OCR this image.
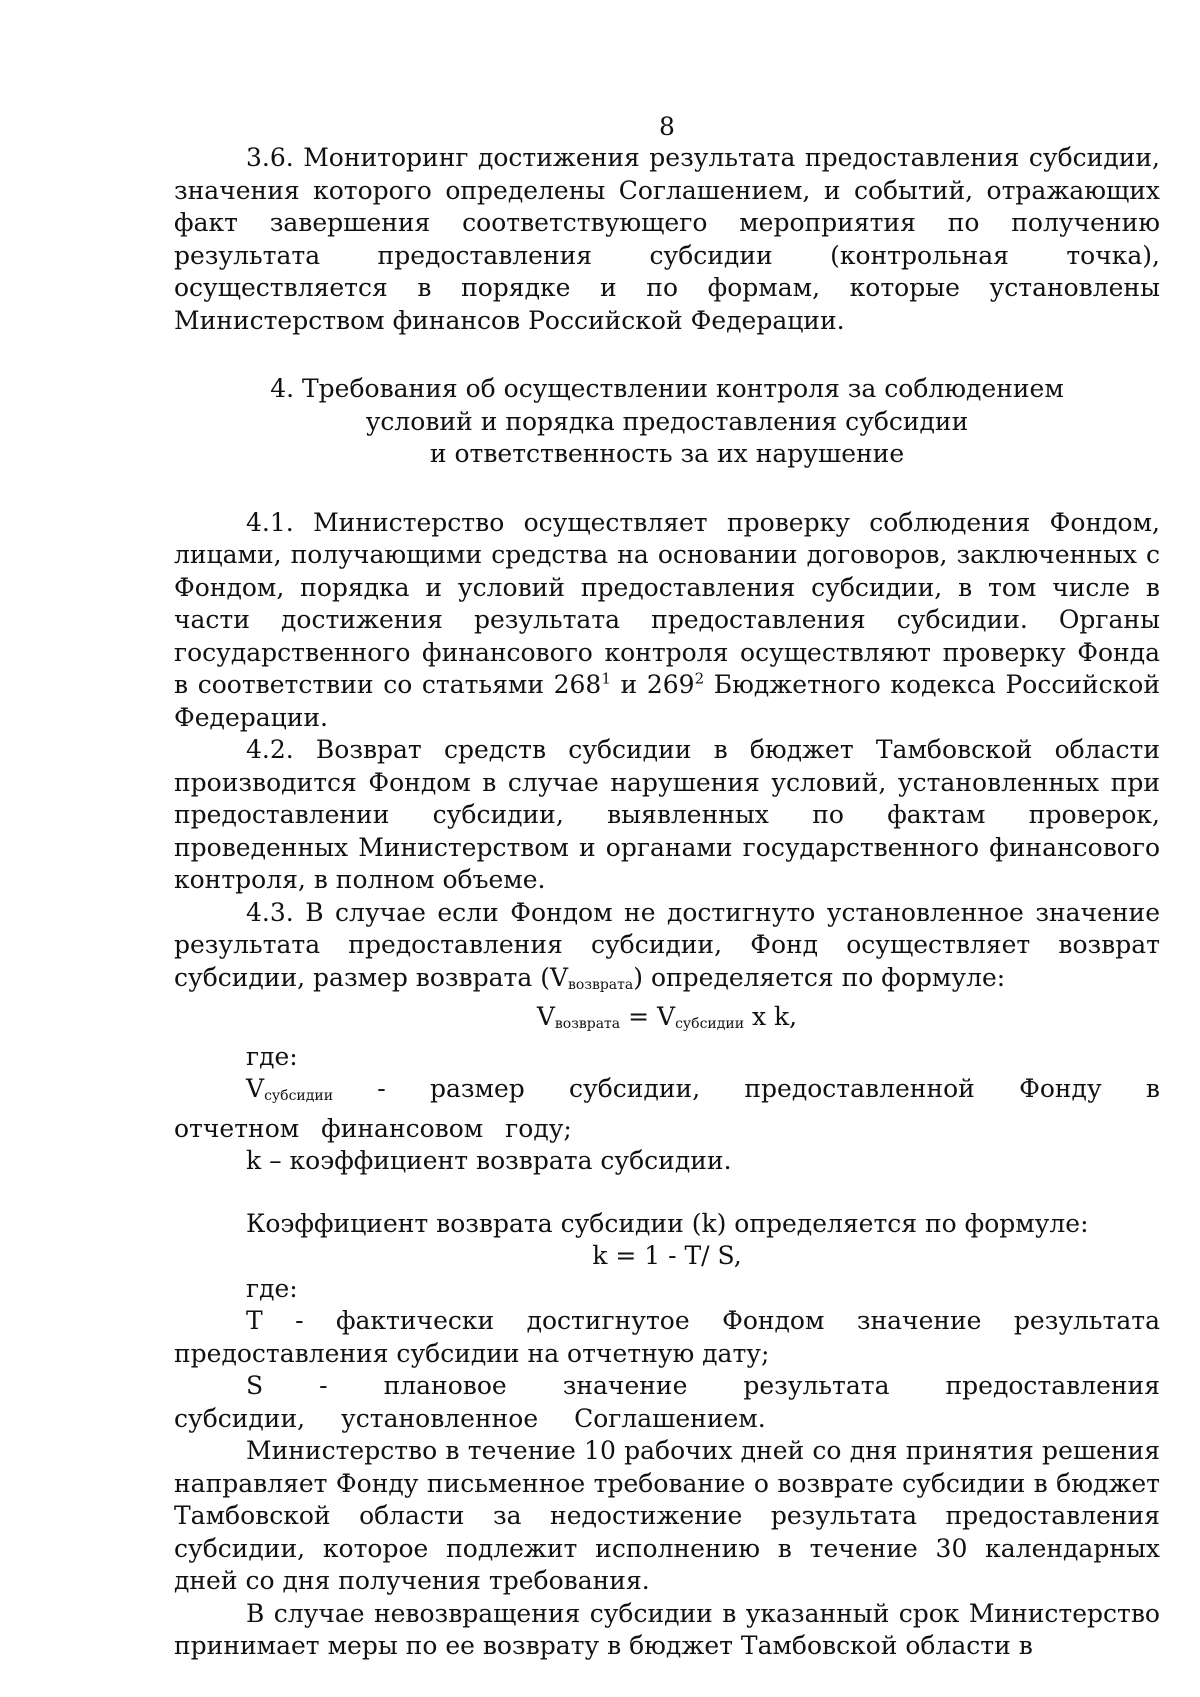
8

3.6. Мониторинг достижения результата предоставления субсидии, значения которого определены Соглашением, и событий, отражающих факт завершения соответствующего мероприятия по получению результата предоставления субсидии (контрольная точка), осуществляется в порядке и по формам, которые установлены Министерством финансов Российской Федерации.

4. Требования об осуществлении контроля за соблюдением
условий и порядка предоставления субсидии
и ответственность за их нарушение

4.1. Министерство осуществляет проверку соблюдения Фондом, лицами, получающими средства на основании договоров, заключенных с Фондом, порядка и условий предоставления субсидии, в том числе в части достижения результата предоставления субсидии. Органы государственного финансового контроля осуществляют проверку Фонда в соответствии со статьями $268^1$ и $269^2$ Бюджетного кодекса Российской Федерации.

4.2. Возврат средств субсидии в бюджет Тамбовской области производится Фондом в случае нарушения условий, установленных при предоставлении субсидии, выявленных по фактам проверок, проведенных Министерством и органами государственного финансового контроля, в полном объеме.

4.3. В случае если Фондом не достигнуто установленное значение результата предоставления субсидии, Фонд осуществляет возврат субсидии, размер возврата $(V_{возврата})$ определяется по формуле:

$V_{возврата} = V_{субсидии}$ x k,

где:

$V_{субсидии}$ - размер субсидии, предоставленной Фонду в отчетном финансовом году;

k – коэффициент возврата субсидии.

Коэффициент возврата субсидии (k) определяется по формуле:

k = 1 - T/ S,

где:

Т - фактически достигнутое Фондом значение результата предоставления субсидии на отчетную дату;

S - плановое значение результата предоставления субсидии, установленное Соглашением.

Министерство в течение 10 рабочих дней со дня принятия решения направляет Фонду письменное требование о возврате субсидии в бюджет Тамбовской области за недостижение результата предоставления субсидии, которое подлежит исполнению в течение 30 календарных дней со дня получения требования.

В случае невозвращения субсидии в указанный срок Министерство принимает меры по ее возврату в бюджет Тамбовской области в
